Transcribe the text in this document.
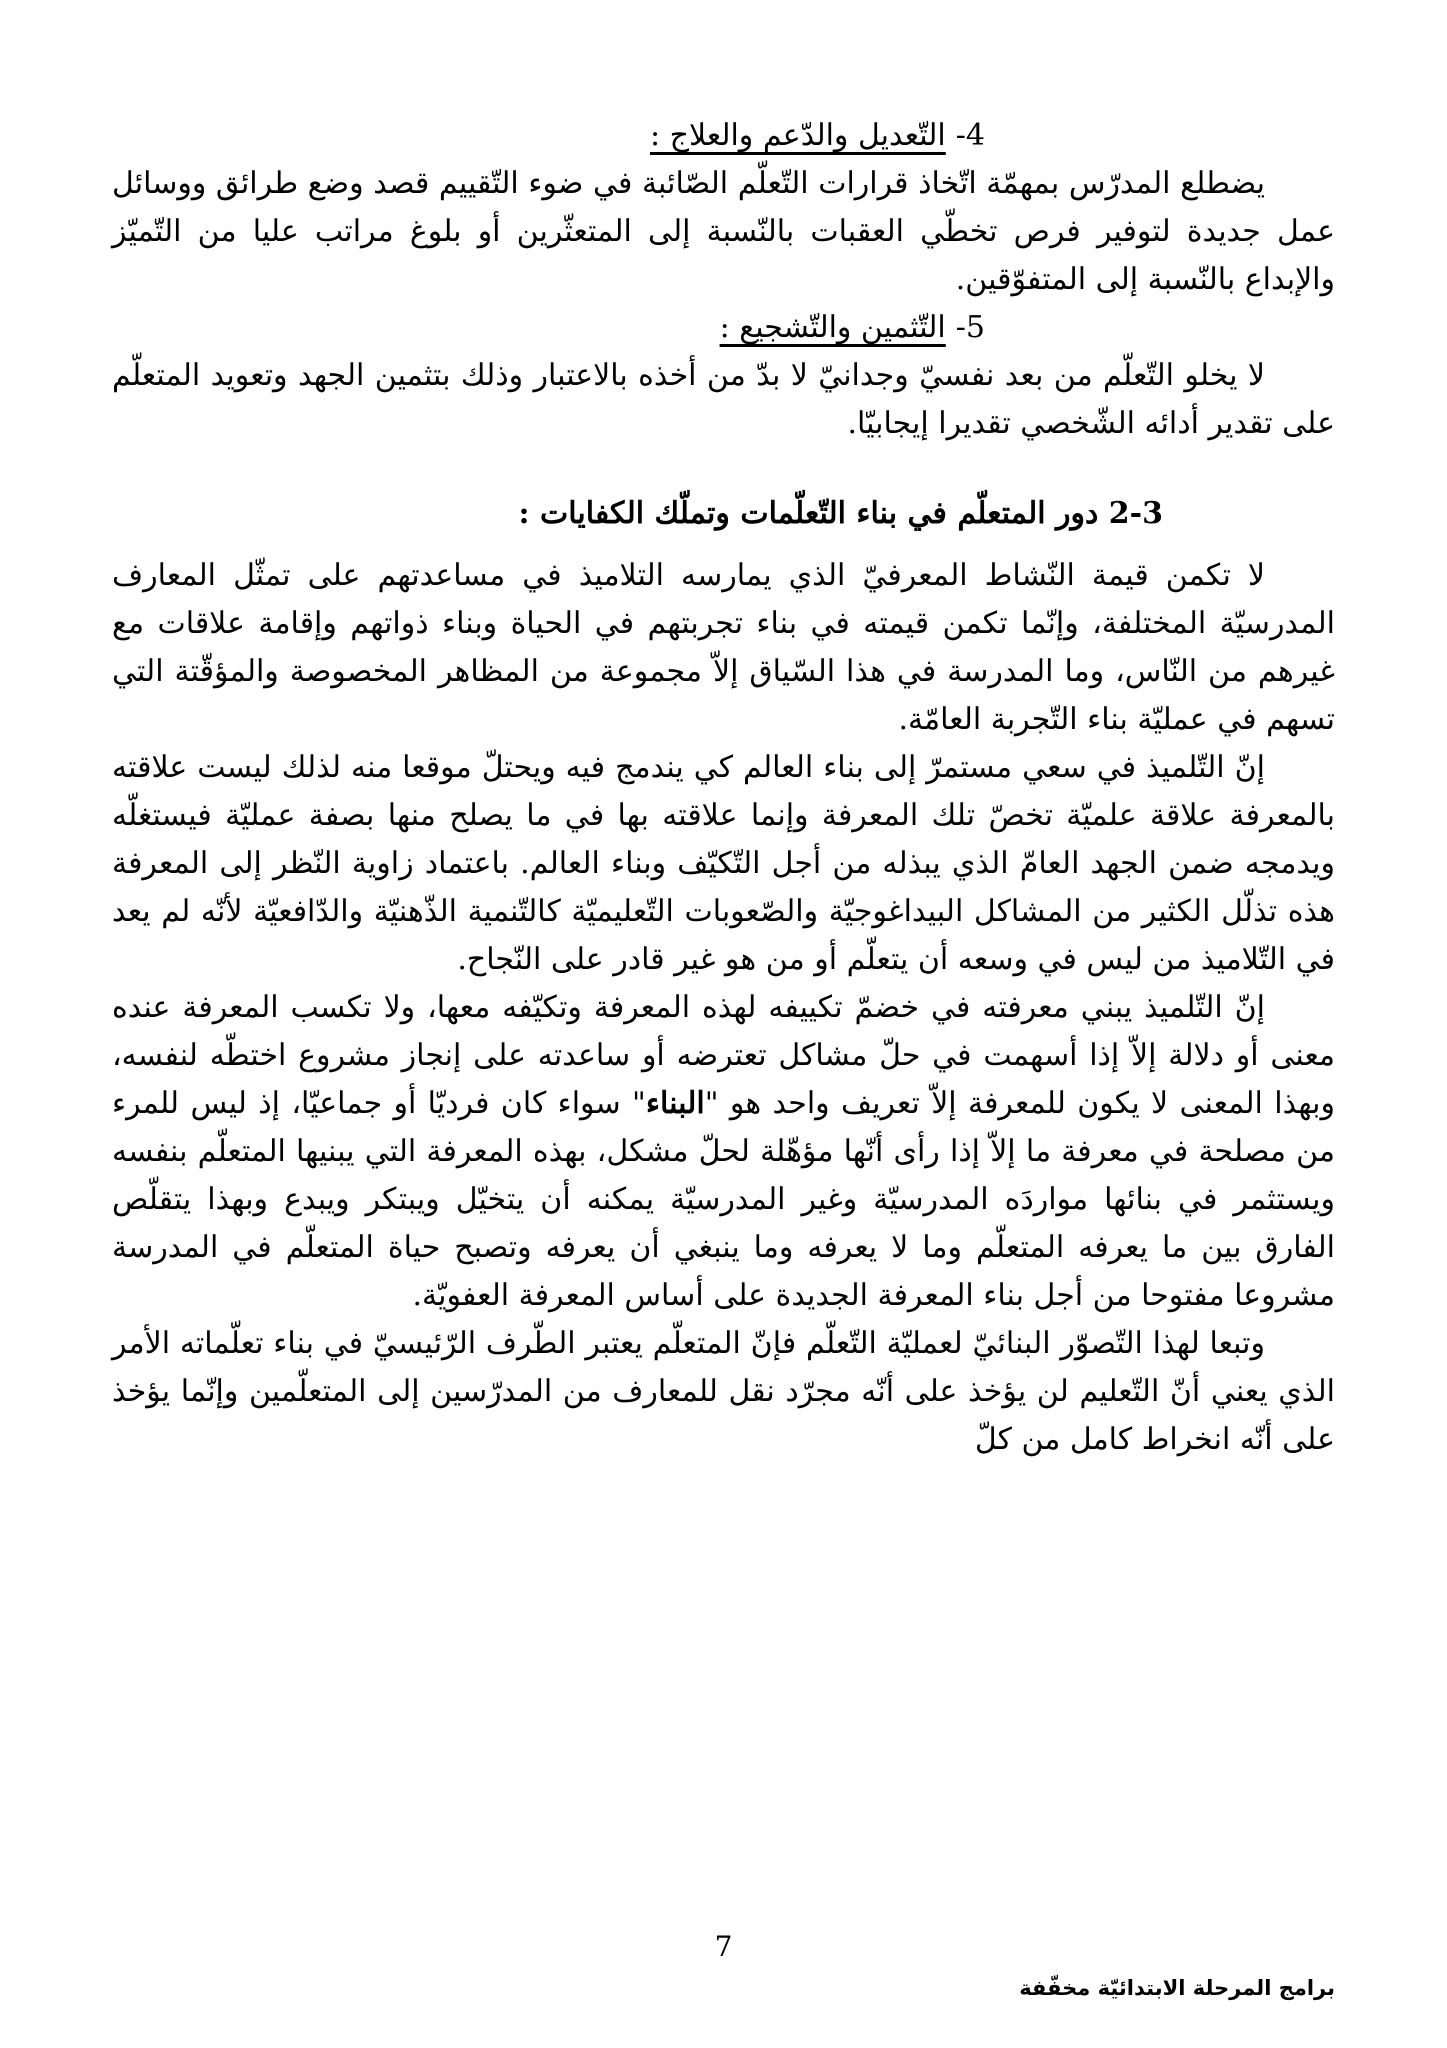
4-التّعديل والدّعم والعلاج :

يضطلع المدرّس بمهمّة اتّخاذ قرارات التّعلّم الصّائبة في ضوء التّقييم قصد وضع طرائق ووسائل عمل جديدة لتوفير فرص تخطّي العقبات بالنّسبة إلى المتعثّرين أو بلوغ مراتب عليا من التّميّز والإبداع بالنّسبة إلى المتفوّقين.

5-التّثمين والتّشجيع :

لا يخلو التّعلّم من بعد نفسيّ وجدانيّ لا بدّ من أخذه بالاعتبار وذلك بتثمين الجهد وتعويد المتعلّم على تقدير أدائه الشّخصي تقديرا إيجابيّا.

2-3 دور المتعلّم في بناء التّعلّمات وتملّك الكفايات :

لا تكمن قيمة النّشاط المعرفيّ الذي يمارسه التلاميذ في مساعدتهم على تمثّل المعارف المدرسيّة المختلفة، وإنّما تكمن قيمته في بناء تجربتهم في الحياة وبناء ذواتهم وإقامة علاقات مع غيرهم من النّاس، وما المدرسة في هذا السّياق إلاّ مجموعة من المظاهر المخصوصة والمؤقّتة التي تسهم في عمليّة بناء التّجربة العامّة.

إنّ التّلميذ في سعي مستمرّ إلى بناء العالم كي يندمج فيه ويحتلّ موقعا منه لذلك ليست علاقته بالمعرفة علاقة علميّة تخصّ تلك المعرفة وإنما علاقته بها في ما يصلح منها بصفة عمليّة فيستغلّه ويدمجه ضمن الجهد العامّ الذي يبذله من أجل التّكيّف وبناء العالم. باعتماد زاوية النّظر إلى المعرفة هذه تذلّل الكثير من المشاكل البيداغوجيّة والصّعوبات التّعليميّة كالتّنمية الذّهنيّة والدّافعيّة لأنّه لم يعد في التّلاميذ من ليس في وسعه أن يتعلّم أو من هو غير قادر على النّجاح.

إنّ التّلميذ يبني معرفته في خضمّ تكييفه لهذه المعرفة وتكيّفه معها، ولا تكسب المعرفة عنده معنى أو دلالة إلاّ إذا أسهمت في حلّ مشاكل تعترضه أو ساعدته على إنجاز مشروع اختطّه لنفسه، وبهذا المعنى لا يكون للمعرفة إلاّ تعريف واحد هو "البناء" سواء كان فرديّا أو جماعيّا، إذ ليس للمرء من مصلحة في معرفة ما إلاّ إذا رأى أنّها مؤهّلة لحلّ مشكل، بهذه المعرفة التي يبنيها المتعلّم بنفسه ويستثمر في بنائها مواردَه المدرسيّة وغير المدرسيّة يمكنه أن يتخيّل ويبتكر ويبدع وبهذا يتقلّص الفارق بين ما يعرفه المتعلّم وما لا يعرفه وما ينبغي أن يعرفه وتصبح حياة المتعلّم في المدرسة مشروعا مفتوحا من أجل بناء المعرفة الجديدة على أساس المعرفة العفويّة.

وتبعا لهذا التّصوّر البنائيّ لعمليّة التّعلّم فإنّ المتعلّم يعتبر الطّرف الرّئيسيّ في بناء تعلّماته الأمر الذي يعني أنّ التّعليم لن يؤخذ على أنّه مجرّد نقل للمعارف من المدرّسين إلى المتعلّمين وإنّما يؤخذ على أنّه انخراط كامل من كلّ

7
برامج المرحلة الابتدائيّة مخفّفة
